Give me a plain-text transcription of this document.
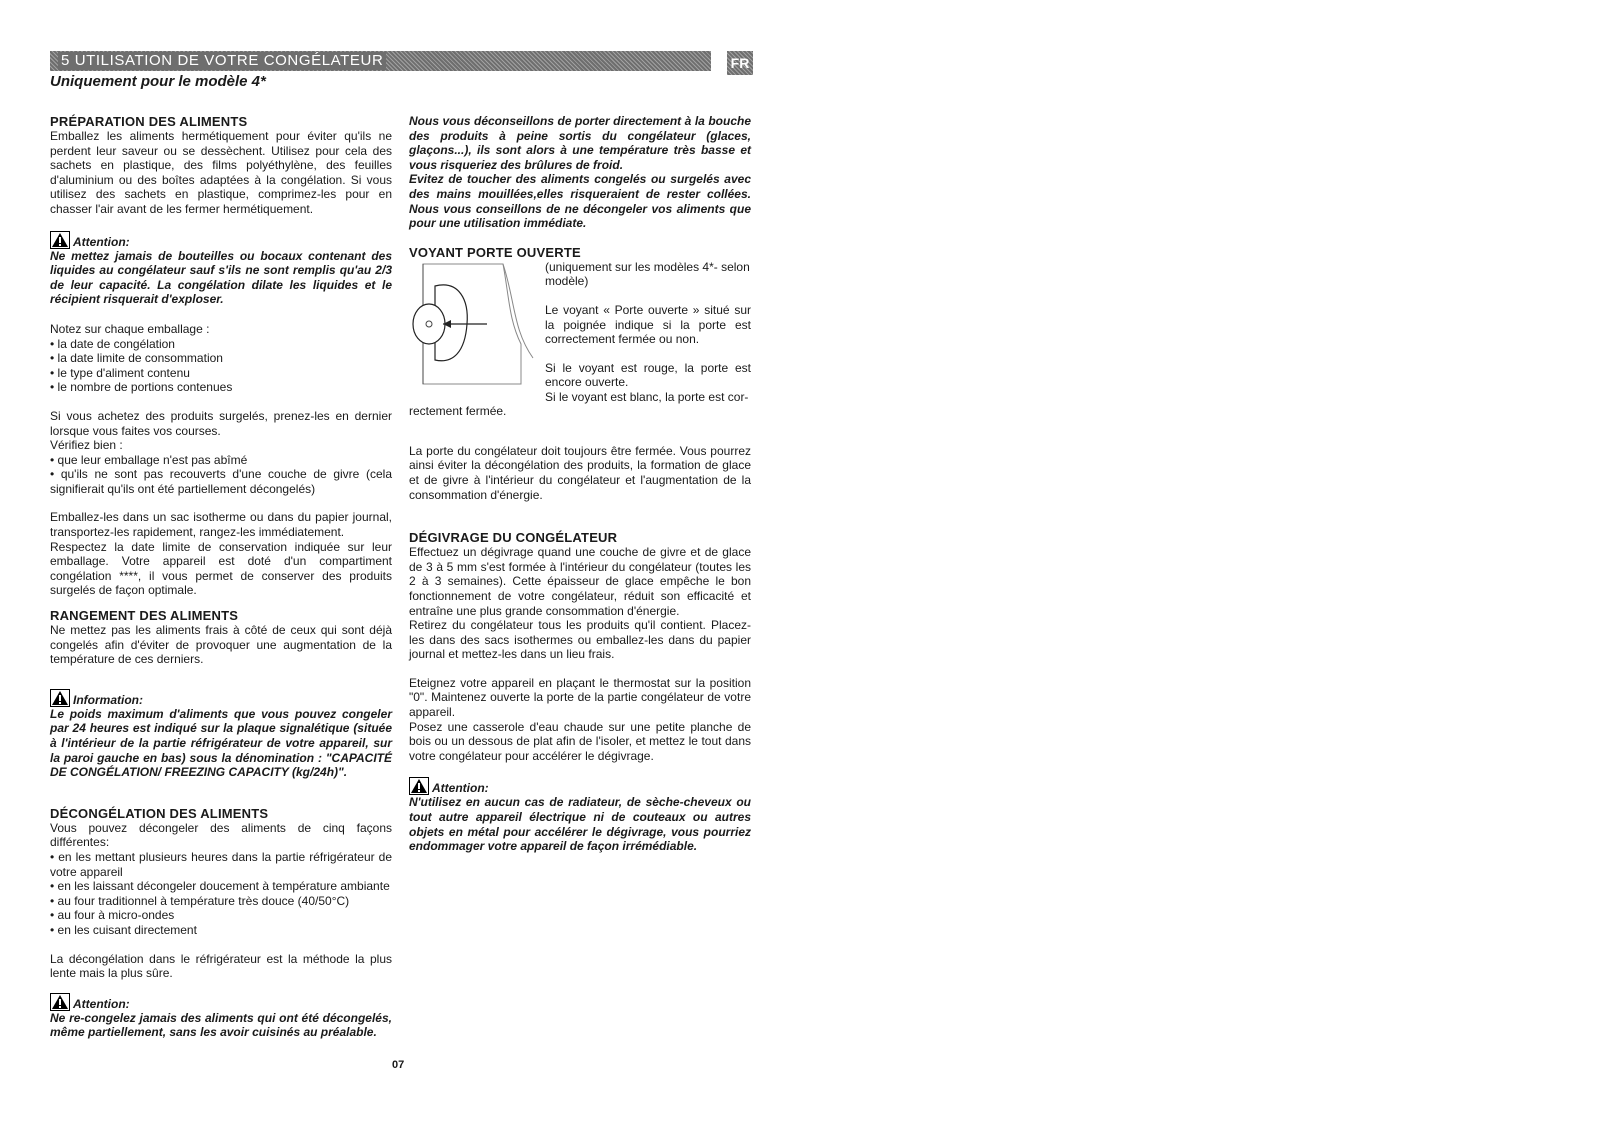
5 UTILISATION DE VOTRE CONGÉLATEUR	FR
Uniquement pour le modèle 4*
PRÉPARATION DES ALIMENTS

Emballez les aliments hermétiquement pour éviter qu'ils ne perdent leur saveur ou se dessèchent. Utilisez pour cela des sachets en plastique, des films polyéthylène, des feuilles d'aluminium ou des boîtes adaptées à la congélation. Si vous utilisez des sachets en plastique, comprimez-les pour en chasser l'air avant de les fermer hermétiquement.

Attention:

Ne mettez jamais de bouteilles ou bocaux contenant des liquides au congélateur sauf s'ils ne sont remplis qu'au 2/3 de leur capacité. La congélation dilate les liquides et le récipient risquerait d'exploser.

Notez sur chaque emballage :

• la date de congélation

• la date limite de consommation

• le type d'aliment contenu

• le nombre de portions contenues

Si vous achetez des produits surgelés, prenez-les en dernier lorsque vous faites vos courses.

Vérifiez bien :

• que leur emballage n'est pas abîmé

• qu'ils ne sont pas recouverts d'une couche de givre (cela signifierait qu'ils ont été partiellement décongelés)

Emballez-les dans un sac isotherme ou dans du papier journal, transportez-les rapidement, rangez-les immédiatement.

Respectez la date limite de conservation indiquée sur leur emballage. Votre appareil est doté d'un compartiment congélation ****, il vous permet de conserver des produits surgelés de façon optimale.

RANGEMENT DES ALIMENTS

Ne mettez pas les aliments frais à côté de ceux qui sont déjà congelés afin d'éviter de provoquer une augmentation de la température de ces derniers.

Information:

Le poids maximum d'aliments que vous pouvez congeler par 24 heures est indiqué sur la plaque signalétique (située à l'intérieur de la partie réfrigérateur de votre appareil, sur la paroi gauche en bas) sous la dénomination : "CAPACITÉ DE CONGÉLATION/ FREEZING CAPACITY (kg/24h)".

DÉCONGÉLATION DES ALIMENTS

Vous pouvez décongeler des aliments de cinq façons différentes:

• en les mettant plusieurs heures dans la partie réfrigérateur de votre appareil

• en les laissant décongeler doucement à température ambiante

• au four traditionnel à température très douce (40/50°C)

• au four à micro-ondes

• en les cuisant directement

La décongélation dans le réfrigérateur est la méthode la plus lente mais la plus sûre.

Attention:

Ne re-congelez jamais des aliments qui ont été décongelés, même partiellement, sans les avoir cuisinés au préalable.

Nous vous déconseillons de porter directement à la bouche des produits à peine sortis du congélateur (glaces, glaçons...), ils sont alors à une température très basse et vous risqueriez des brûlures de froid.

Evitez de toucher des aliments congelés ou surgelés avec des mains mouillées,elles risqueraient de rester collées. Nous vous conseillons de ne décongeler vos aliments que pour une utilisation immédiate.

VOYANT PORTE OUVERTE

(uniquement sur les modèles 4*- selon modèle)

Le voyant « Porte ouverte » situé sur la poignée indique si la porte est correctement fermée ou non.

Si le voyant est rouge, la porte est encore ouverte.

Si le voyant est blanc, la porte est cor-

rectement fermée.

La porte du congélateur doit toujours être fermée. Vous pourrez ainsi éviter la décongélation des produits, la formation de glace et de givre à l'intérieur du congélateur et l'augmentation de la consommation d'énergie.

DÉGIVRAGE DU CONGÉLATEUR

Effectuez un dégivrage quand une couche de givre et de glace de 3 à 5 mm s'est formée à l'intérieur du congélateur (toutes les 2 à 3 semaines). Cette épaisseur de glace empêche le bon fonctionnement de votre congélateur, réduit son efficacité et entraîne une plus grande consommation d'énergie.

Retirez du congélateur tous les produits qu'il contient. Placez-les dans des sacs isothermes ou emballez-les dans du papier journal et mettez-les dans un lieu frais.

Eteignez votre appareil en plaçant le thermostat sur la position "0". Maintenez ouverte la porte de la partie congélateur de votre appareil.

Posez une casserole d'eau chaude sur une petite planche de bois ou un dessous de plat afin de l'isoler, et mettez le tout dans votre congélateur pour accélérer le dégivrage.

Attention:

N'utilisez en aucun cas de radiateur, de sèche-cheveux ou tout autre appareil électrique ni de couteaux ou autres objets en métal pour accélérer le dégivrage, vous pourriez endommager votre appareil de façon irrémédiable.

07
